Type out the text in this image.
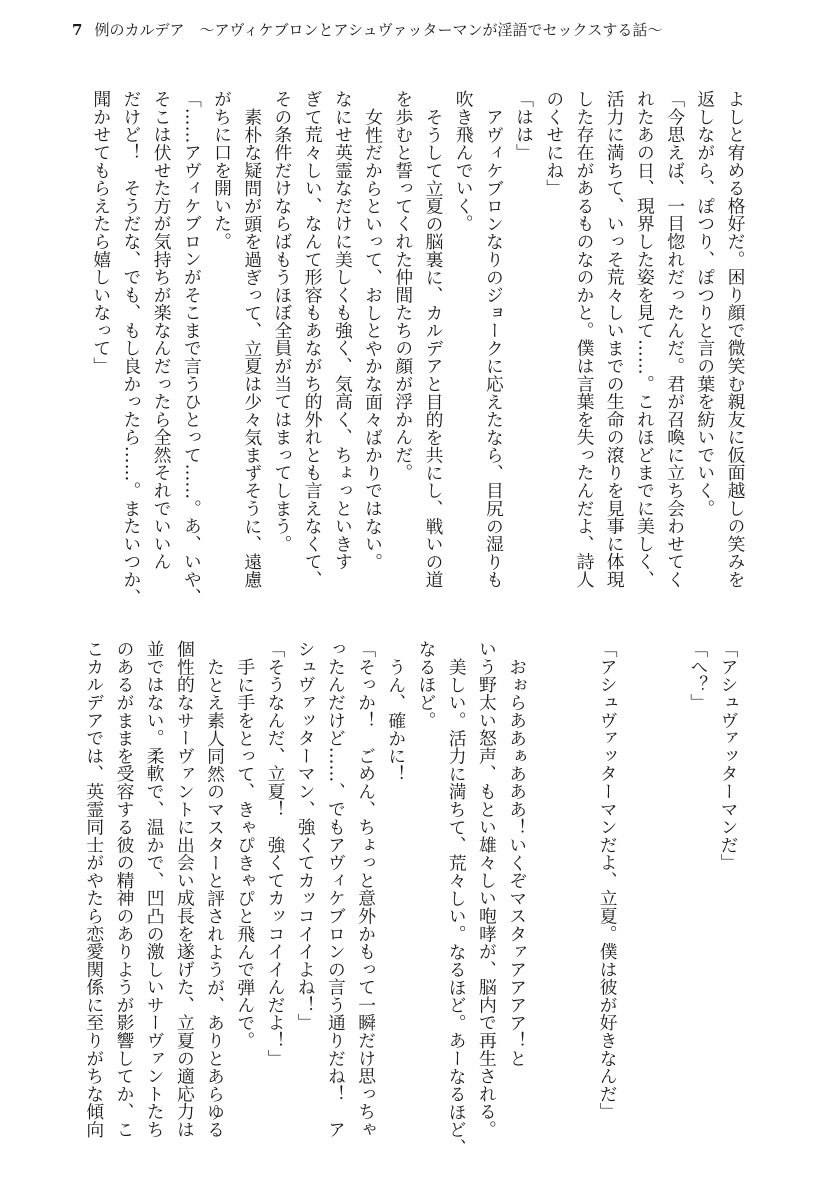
7 例のカルデア　〜アヴィケブロンとアシュヴァッターマンが淫語でセックスする話〜
よしと宥める格好だ。困り顔で微笑む親友に仮面越しの笑みを
返しながら、ぽつり、ぽつりと言の葉を紡いでいく。
「今思えば、一目惚れだったんだ。君が召喚に立ち会わせてく
れたあの日、現界した姿を見て……。これほどまでに美しく、
活力に満ちて、いっそ荒々しいまでの生命の滾りを見事に体現
した存在があるものなのかと。僕は言葉を失ったんだよ、詩人
のくせにね」
「はは」
アヴィケブロンなりのジョークに応えたなら、目尻の湿りも
吹き飛んでいく。
そうして立夏の脳裏に、カルデアと目的を共にし、戦いの道
を歩むと誓ってくれた仲間たちの顔が浮かんだ。
女性だからといって、おしとやかな面々ばかりではない。
なにせ英霊なだけに美しくも強く、気高く、ちょっといきす
ぎて荒々しい、なんて形容もあながち的外れとも言えなくて、
その条件だけならばもうほぼ全員が当てはまってしまう。
素朴な疑問が頭を過ぎって、立夏は少々気まずそうに、遠慮
がちに口を開いた。
「……アヴィケブロンがそこまで言うひとって……。あ、いや、
そこは伏せた方が気持ちが楽なんだったら全然それでいいん
だけど！　そうだな、でも、もし良かったら……。またいつか、
聞かせてもらえたら嬉しいなって」
「アシュヴァッターマンだ」
「へ？」
「アシュヴァッターマンだよ、立夏。僕は彼が好きなんだ」
おぉらああぁあああ！いくぞマスタァアアアア！と
いう野太い怒声、もとい雄々しい咆哮が、脳内で再生される。
美しい。活力に満ちて、荒々しい。なるほど。あーなるほど、
なるほど。
うん、確かに！
「そっか！　ごめん、ちょっと意外かもって一瞬だけ思っちゃ
ったんだけど……、でもアヴィケブロンの言う通りだね！　ア
シュヴァッターマン、強くてカッコイイよね！」
「そうなんだ、立夏！　強くてカッコイイんだよ！」
手に手をとって、きゃぴきゃぴと飛んで弾んで。
たとえ素人同然のマスターと評されようが、ありとあらゆる
個性的なサーヴァントに出会い成長を遂げた、立夏の適応力は
並ではない。柔軟で、温かで、凹凸の激しいサーヴァントたち
のあるがままを受容する彼の精神のありようが影響してか、こ
こカルデアでは、英霊同士がやたら恋愛関係に至りがちな傾向
